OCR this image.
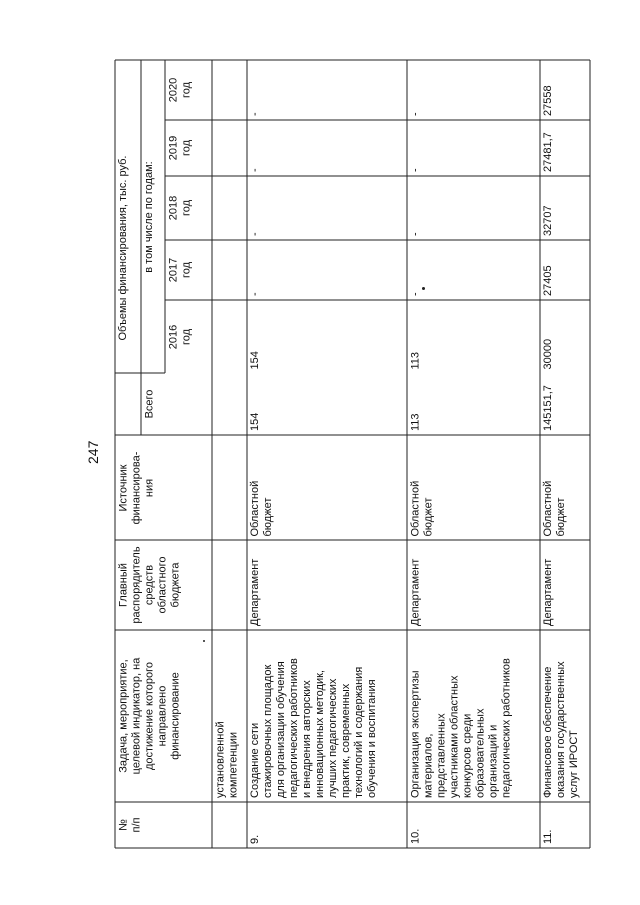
247
№
п/п
Задача, мероприятие,
целевой индикатор, на
достижение которого
направлено
финансирование
Главный
распорядитель
средств
областного
бюджета
Источник
финансирова-
ния
Объемы финансирования, тыс. руб.
Всего
в том числе по годам:
2016
год
2017
год
2018
год
2019
год
2020
год
установленной
компетенции
9.
Создание сети
стажировочных площадок
для организации обучения
педагогических работников
и внедрения авторских
инновационных методик,
лучших педагогических
практик, современных
технологий и содержания
обучения и воспитания
Департамент
Областной
бюджет
154
154
-
-
-
-
10.
Организация экспертизы
материалов,
представленных
участниками областных
конкурсов среди
образовательных
организаций и
педагогических работников
Департамент
Областной
бюджет
113
113
-
-
-
-
11.
Финансовое обеспечение
оказания государственных
услуг ИРОСТ
Департамент
Областной
бюджет
145151,7
30000
27405
32707
27481,7
27558
